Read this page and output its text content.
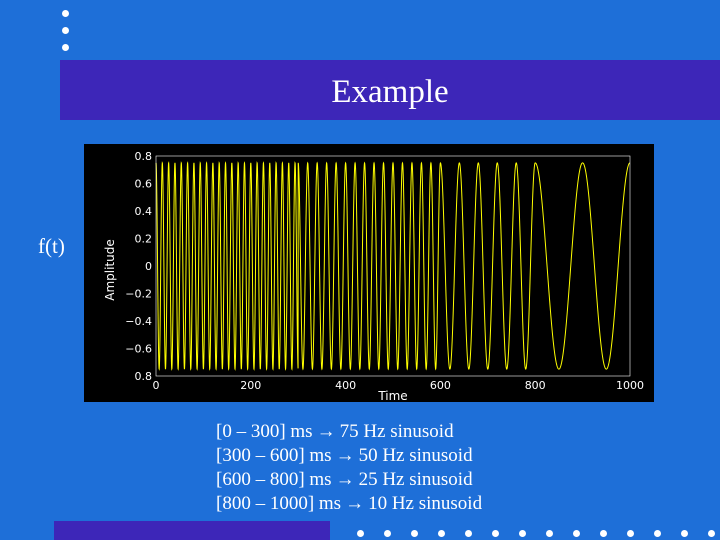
Example
f(t)
0.8
0.6
0.4
0.2
0
−0.2
−0.4
−0.6
0.8
0	200	400	600	800	1000
Time
Amplitude
[0 – 300] ms → 75 Hz sinusoid
[300 – 600] ms → 50 Hz sinusoid
[600 – 800] ms → 25 Hz sinusoid
[800 – 1000] ms → 10 Hz sinusoid
